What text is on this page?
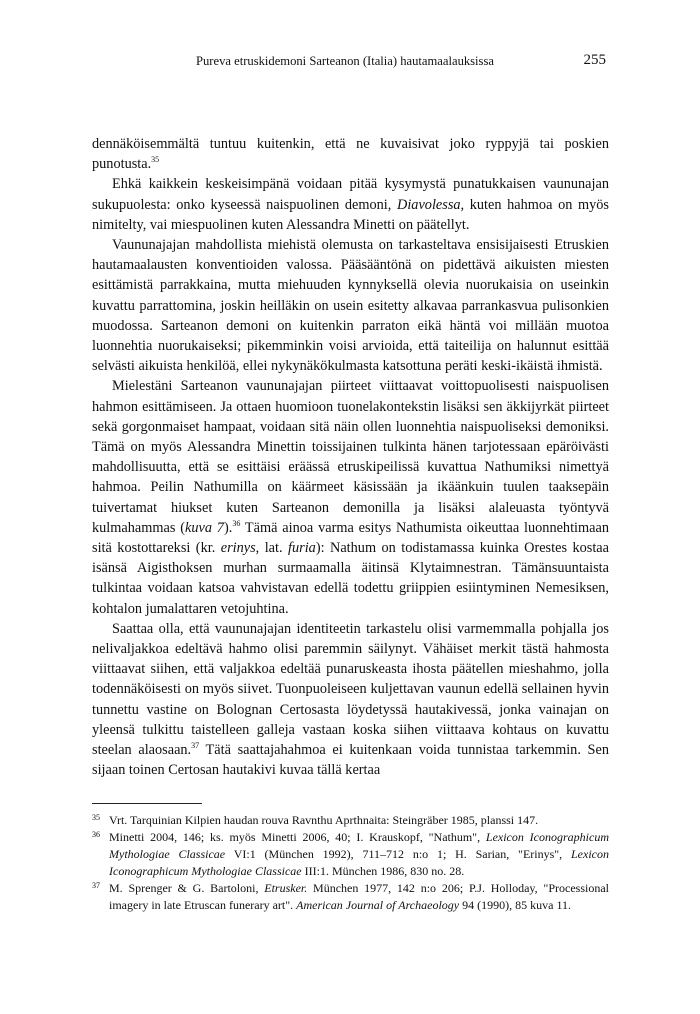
Pureva etruskidemoni Sarteanon (Italia) hautamaalauksissa	255

dennäköisemmältä tuntuu kuitenkin, että ne kuvaisivat joko ryppyjä tai poskien punotusta.$^{35}$

Ehkä kaikkein keskeisimpänä voidaan pitää kysymystä punatukkaisen vaununajan sukupuolesta: onko kyseessä naispuolinen demoni, Diavolessa, kuten hahmoa on myös nimitelty, vai miespuolinen kuten Alessandra Minetti on päätellyt.

Vaununajajan mahdollista miehistä olemusta on tarkasteltava ensisijaisesti Etruskien hautamaalausten konventioiden valossa. Pääsääntönä on pidettävä aikuisten miesten esittämistä parrakkaina, mutta miehuuden kynnyksellä olevia nuorukaisia on useinkin kuvattu parrattomina, joskin heilläkin on usein esitetty alkavaa parrankasvua pulisonkien muodossa. Sarteanon demoni on kuitenkin parraton eikä häntä voi millään muotoa luonnehtia nuorukaiseksi; pikemminkin voisi arvioida, että taiteilija on halunnut esittää selvästi aikuista henkilöä, ellei nykynäkökulmasta katsottuna peräti keski-ikäistä ihmistä.

Mielestäni Sarteanon vaununajajan piirteet viittaavat voittopuolisesti naispuolisen hahmon esittämiseen. Ja ottaen huomioon tuonelakontekstin lisäksi sen äkkijyrkät piirteet sekä gorgonmaiset hampaat, voidaan sitä näin ollen luonnehtia naispuoliseksi demoniksi. Tämä on myös Alessandra Minettin toissijainen tulkinta hänen tarjotessaan epäröivästi mahdollisuutta, että se esittäisi eräässä etruskipeilissä kuvattua Nathumiksi nimettyä hahmoa. Peilin Nathumilla on käärmeet käsissään ja ikäänkuin tuulen taaksepäin tuivertamat hiukset kuten Sarteanon demonilla ja lisäksi alaleuasta työntyvä kulmahammas (kuva 7).$^{36}$ Tämä ainoa varma esitys Nathumista oikeuttaa luonnehtimaan sitä kostottareksi (kr. erinys, lat. furia): Nathum on todistamassa kuinka Orestes kostaa isänsä Aigisthoksen murhan surmaamalla äitinsä Klytaimnestran. Tämänsuuntaista tulkintaa voidaan katsoa vahvistavan edellä todettu griippien esiintyminen Nemesiksen, kohtalon jumalattaren vetojuhtina.

Saattaa olla, että vaununajajan identiteetin tarkastelu olisi varmemmalla pohjalla jos nelivaljakkoa edeltävä hahmo olisi paremmin säilynyt. Vähäiset merkit tästä hahmosta viittaavat siihen, että valjakkoa edeltää punaruskeasta ihosta päätellen mieshahmo, jolla todennäköisesti on myös siivet. Tuonpuoleiseen kuljettavan vaunun edellä sellainen hyvin tunnettu vastine on Bolognan Certosasta löydetyssä hautakivessä, jonka vainajan on yleensä tulkittu taistelleen galleja vastaan koska siihen viittaava kohtaus on kuvattu steelan alaosaan.$^{37}$ Tätä saattajahahmoa ei kuitenkaan voida tunnistaa tarkemmin. Sen sijaan toinen Certosan hautakivi kuvaa tällä kertaa

35 Vrt. Tarquinian Kilpien haudan rouva Ravnthu Aprthnaita: Steingräber 1985, planssi 147.

36 Minetti 2004, 146; ks. myös Minetti 2006, 40; I. Krauskopf, "Nathum", Lexicon Iconographicum Mythologiae Classicae VI:1 (München 1992), 711–712 n:o 1; H. Sarian, "Erinys", Lexicon Iconographicum Mythologiae Classicae III:1. München 1986, 830 no. 28.

37 M. Sprenger & G. Bartoloni, Etrusker. München 1977, 142 n:o 206; P.J. Holloday, "Processional imagery in late Etruscan funerary art". American Journal of Archaeology 94 (1990), 85 kuva 11.
